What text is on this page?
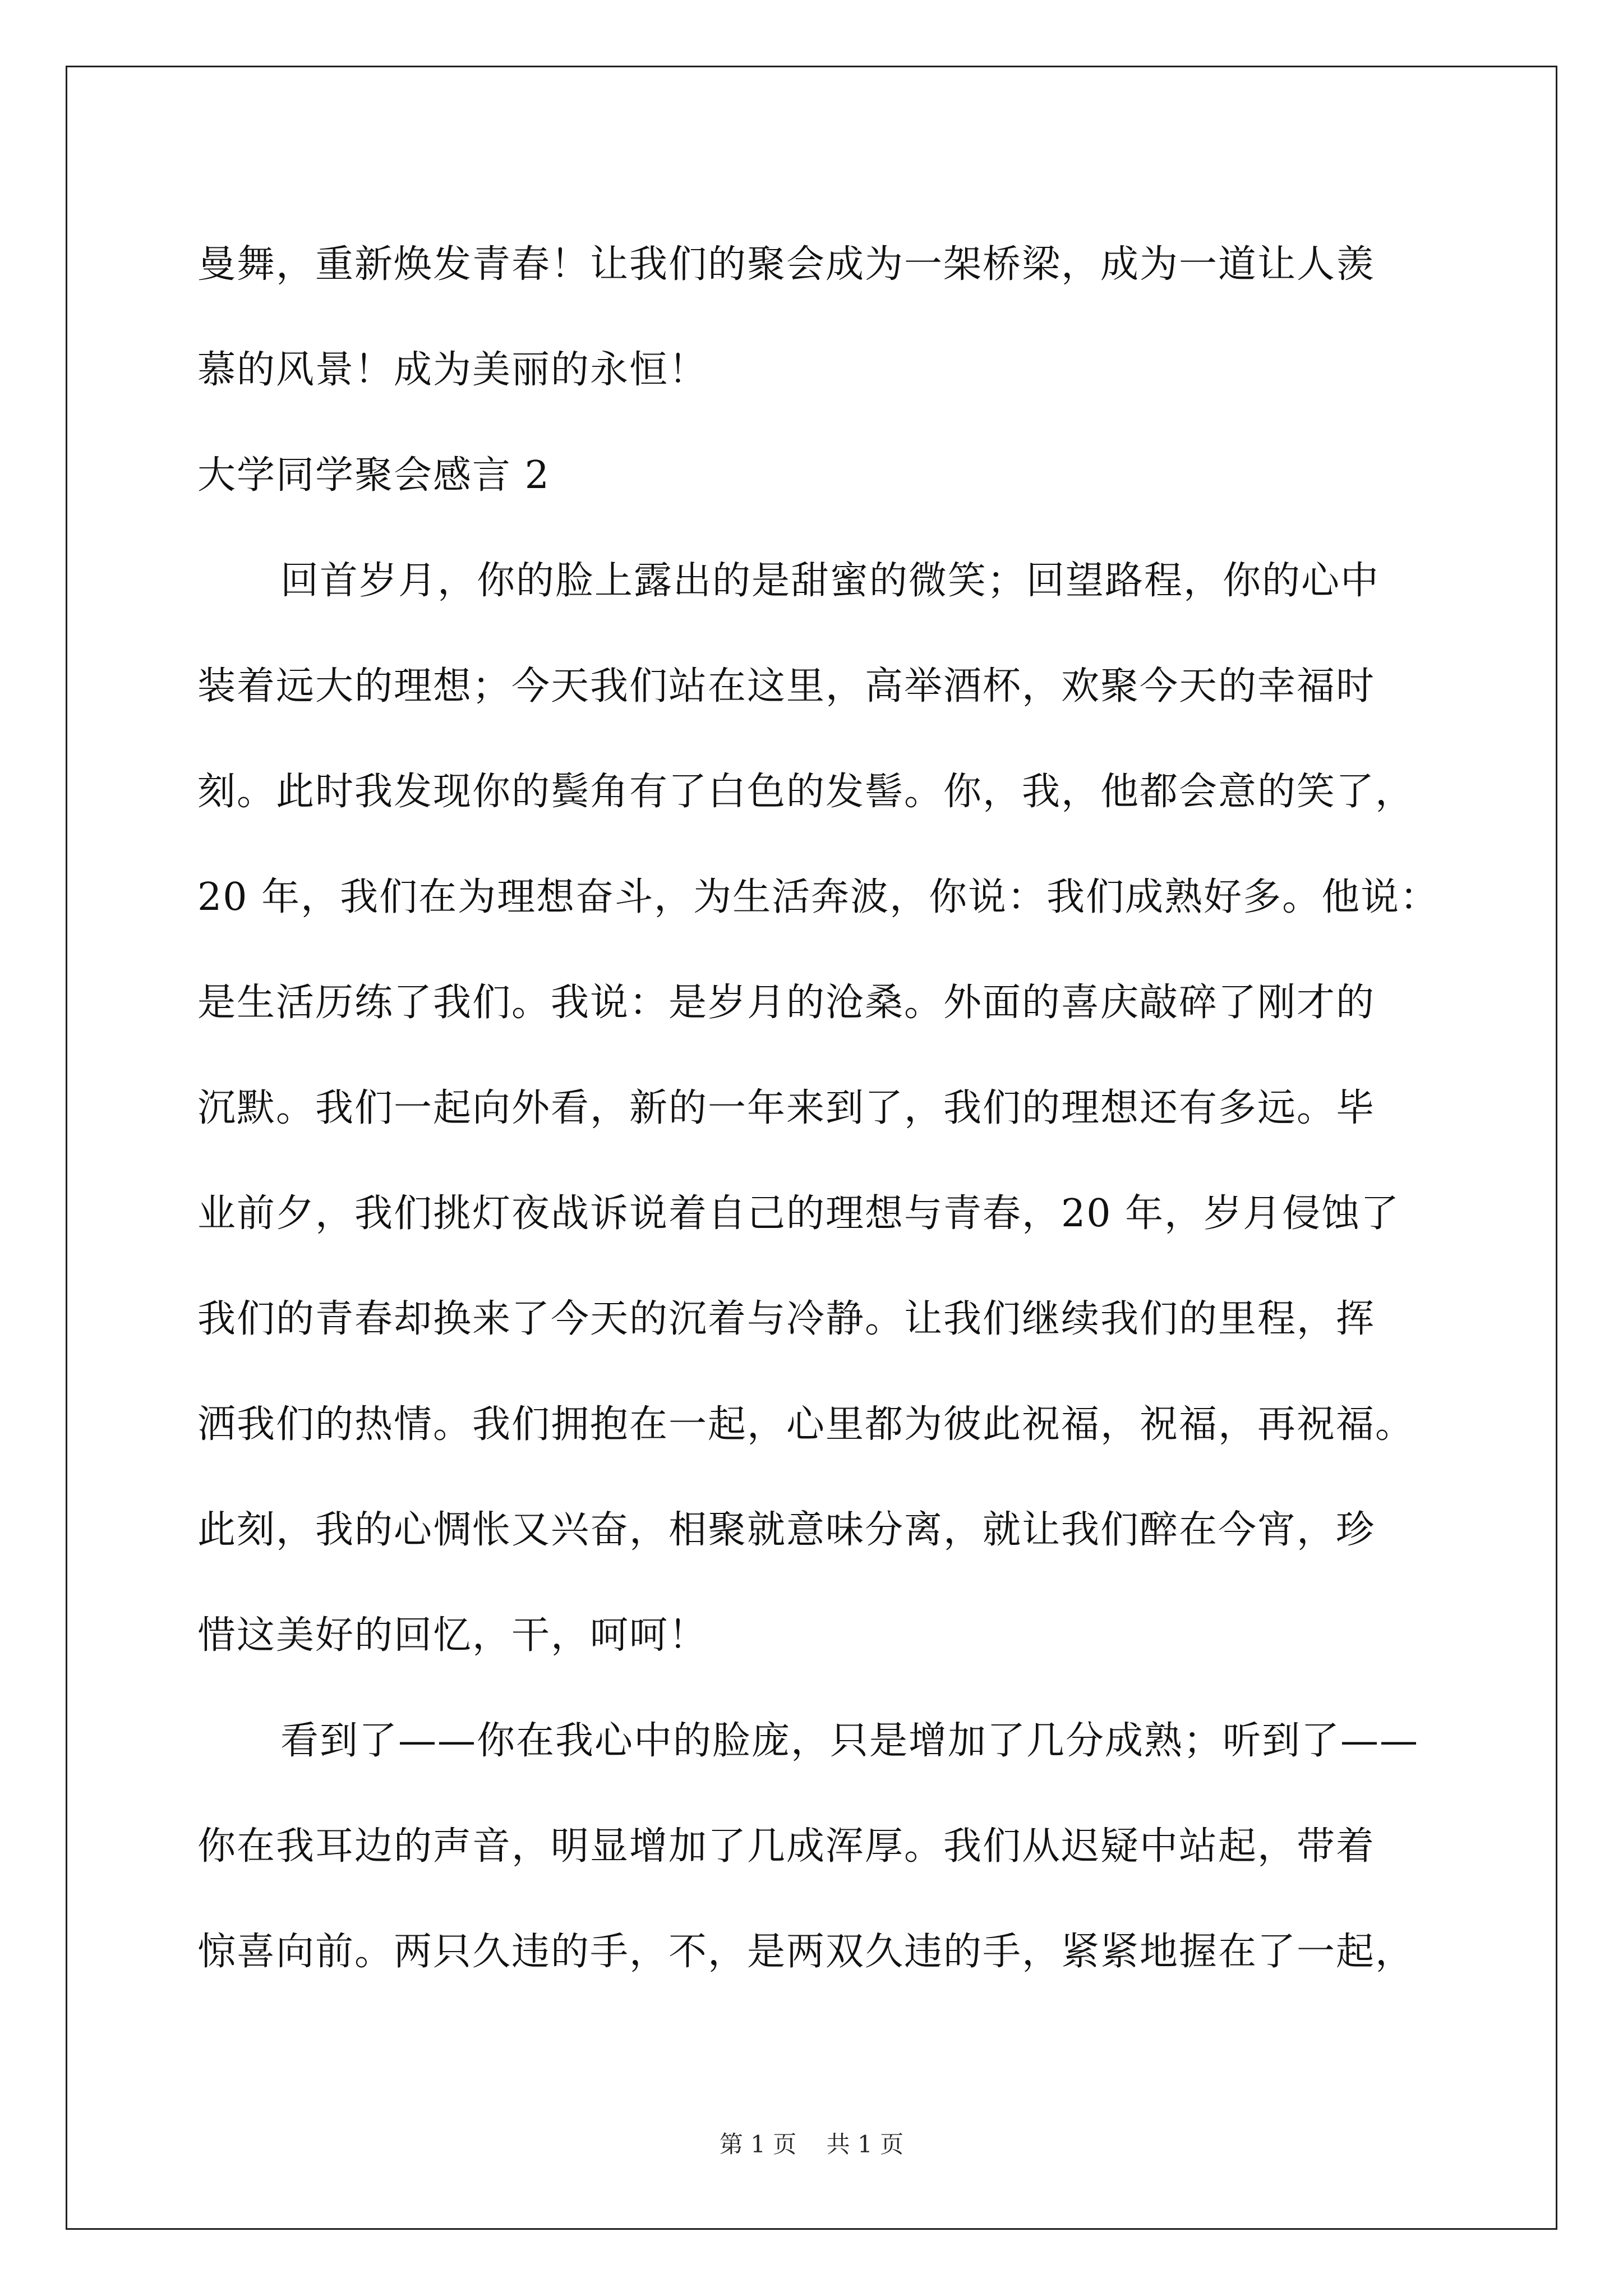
曼舞，重新焕发青春！让我们的聚会成为一架桥梁，成为一道让人羡
慕的风景！成为美丽的永恒！
大学同学聚会感言 2
回首岁月，你的脸上露出的是甜蜜的微笑；回望路程，你的心中
装着远大的理想；今天我们站在这里，高举酒杯，欢聚今天的幸福时
刻。此时我发现你的鬓角有了白色的发髻。你，我，他都会意的笑了，
20 年，我们在为理想奋斗，为生活奔波，你说：我们成熟好多。他说：
是生活历练了我们。我说：是岁月的沧桑。外面的喜庆敲碎了刚才的
沉默。我们一起向外看，新的一年来到了，我们的理想还有多远。毕
业前夕，我们挑灯夜战诉说着自己的理想与青春，20 年，岁月侵蚀了
我们的青春却换来了今天的沉着与冷静。让我们继续我们的里程，挥
洒我们的热情。我们拥抱在一起，心里都为彼此祝福，祝福，再祝福。
此刻，我的心惆怅又兴奋，相聚就意味分离，就让我们醉在今宵，珍
惜这美好的回忆，干，呵呵！
看到了——你在我心中的脸庞，只是增加了几分成熟；听到了——
你在我耳边的声音，明显增加了几成浑厚。我们从迟疑中站起，带着
惊喜向前。两只久违的手，不，是两双久违的手，紧紧地握在了一起，
第 1 页 共 1 页
